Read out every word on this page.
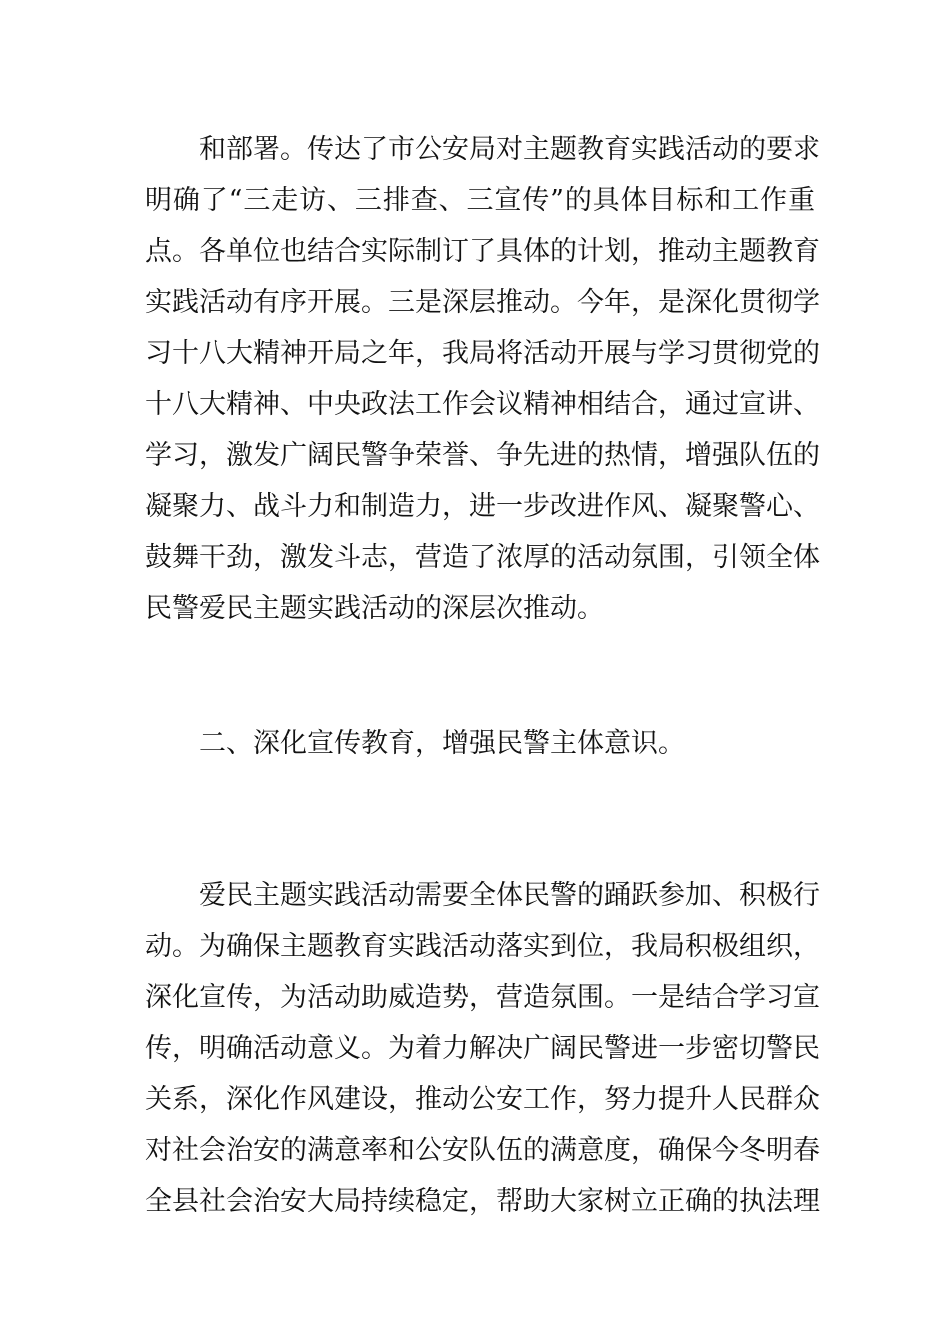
和部署。传达了市公安局对主题教育实践活动的要求
明确了“三走访、三排查、三宣传”的具体目标和工作重
点。各单位也结合实际制订了具体的计划，推动主题教育
实践活动有序开展。三是深层推动。今年，是深化贯彻学
习十八大精神开局之年，我局将活动开展与学习贯彻党的
十八大精神、中央政法工作会议精神相结合，通过宣讲、
学习，激发广阔民警争荣誉、争先进的热情，增强队伍的
凝聚力、战斗力和制造力，进一步改进作风、凝聚警心、
鼓舞干劲，激发斗志，营造了浓厚的活动氛围，引领全体
民警爱民主题实践活动的深层次推动。
二、深化宣传教育，增强民警主体意识。
爱民主题实践活动需要全体民警的踊跃参加、积极行
动。为确保主题教育实践活动落实到位，我局积极组织，
深化宣传，为活动助威造势，营造氛围。一是结合学习宣
传，明确活动意义。为着力解决广阔民警进一步密切警民
关系，深化作风建设，推动公安工作，努力提升人民群众
对社会治安的满意率和公安队伍的满意度，确保今冬明春
全县社会治安大局持续稳定，帮助大家树立正确的执法理
